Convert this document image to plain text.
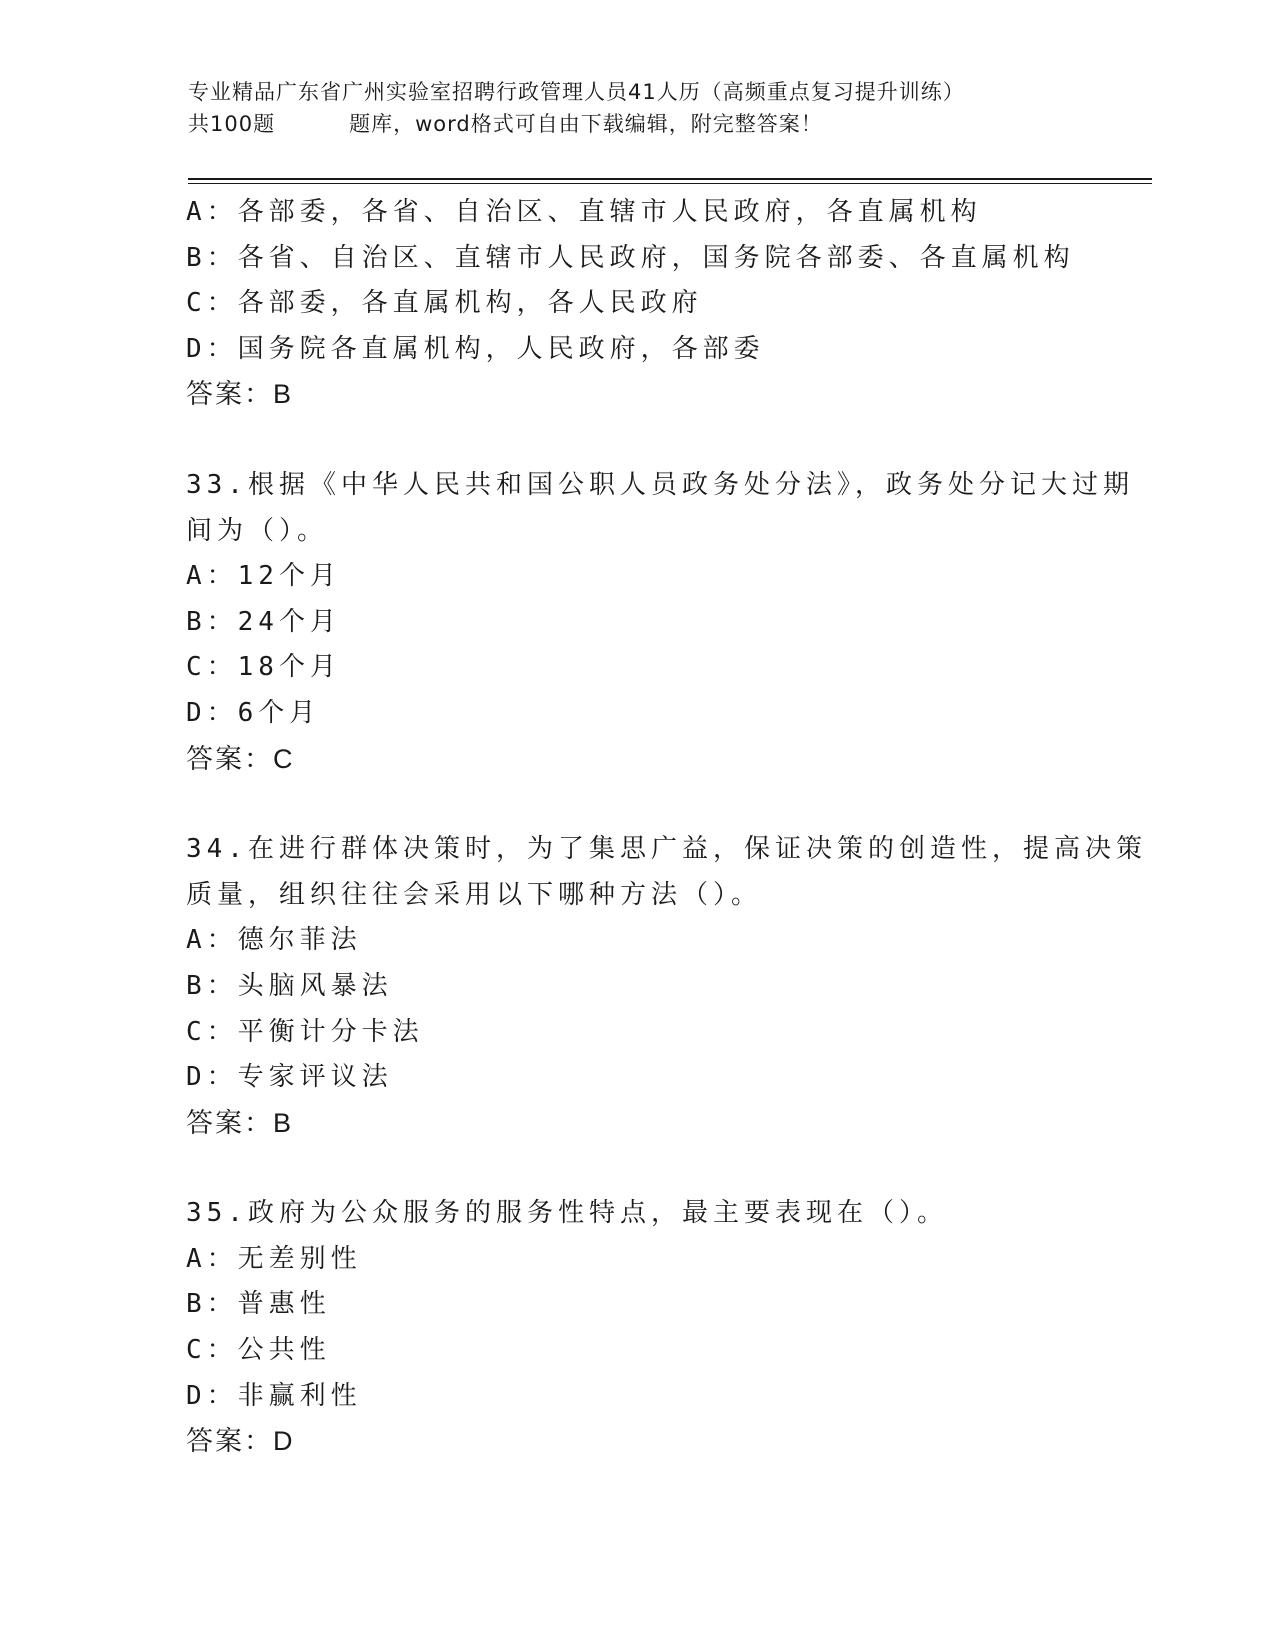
专业精品广东省广州实验室招聘行政管理人员41人历（高频重点复习提升训练）
共100题	题库，word格式可自由下载编辑，附完整答案！
A：各部委，各省、自治区、直辖市人民政府，各直属机构
B：各省、自治区、直辖市人民政府，国务院各部委、各直属机构
C：各部委，各直属机构，各人民政府
D：国务院各直属机构，人民政府，各部委
答案：B
33.根据《中华人民共和国公职人员政务处分法》，政务处分记大过期
间为（）。
A：12个月
B：24个月
C：18个月
D：6个月
答案：C
34.在进行群体决策时，为了集思广益，保证决策的创造性，提高决策
质量，组织往往会采用以下哪种方法（）。
A：德尔菲法
B：头脑风暴法
C：平衡计分卡法
D：专家评议法
答案：B
35.政府为公众服务的服务性特点，最主要表现在（）。
A：无差别性
B：普惠性
C：公共性
D：非赢利性
答案：D
